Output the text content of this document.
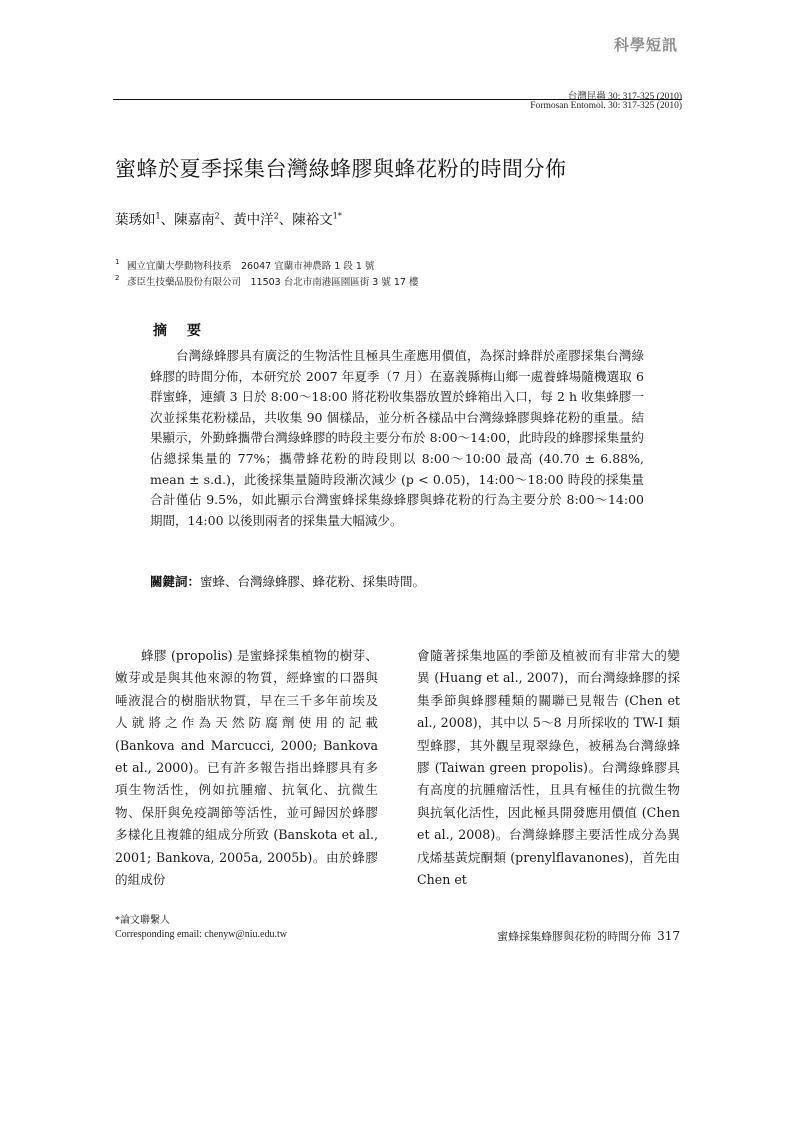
科學短訊
台灣昆蟲 30: 317-325 (2010)
Formosan Entomol. 30: 317-325 (2010)
蜜蜂於夏季採集台灣綠蜂膠與蜂花粉的時間分佈
葉琇如$^1$、陳嘉南$^2$、黃中洋$^2$、陳裕文$^{1*}$
1 國立宜蘭大學動物科技系　26047 宜蘭市神農路 1 段 1 號
2 彥臣生技藥品股份有限公司　11503 台北市南港區園區街 3 號 17 樓
摘要

台灣綠蜂膠具有廣泛的生物活性且極具生產應用價值，為探討蜂群於產膠採集台灣綠蜂膠的時間分佈，本研究於 2007 年夏季（7 月）在嘉義縣梅山鄉一處養蜂場隨機選取 6 群蜜蜂，連續 3 日於 8:00～18:00 將花粉收集器放置於蜂箱出入口，每 2 h 收集蜂膠一次並採集花粉樣品，共收集 90 個樣品，並分析各樣品中台灣綠蜂膠與蜂花粉的重量。結果顯示，外勤蜂攜帶台灣綠蜂膠的時段主要分布於 8:00～14:00，此時段的蜂膠採集量約佔總採集量的 77%；攜帶蜂花粉的時段則以 8:00～10:00 最高 (40.70 ± 6.88%, mean ± s.d.)，此後採集量隨時段漸次減少 (p < 0.05)，14:00～18:00 時段的採集量合計僅佔 9.5%，如此顯示台灣蜜蜂採集綠蜂膠與蜂花粉的行為主要分於 8:00～14:00 期間，14:00 以後則兩者的採集量大幅減少。

關鍵詞：蜜蜂、台灣綠蜂膠、蜂花粉、採集時間。

蜂膠 (propolis) 是蜜蜂採集植物的樹芽、嫩芽或是與其他來源的物質，經蜂蜜的口器與唾液混合的樹脂狀物質，早在三千多年前埃及人就將之作為天然防腐劑使用的記載 (Bankova and Marcucci, 2000; Bankova et al., 2000)。已有許多報告指出蜂膠具有多項生物活性，例如抗腫瘤、抗氧化、抗微生物、保肝與免疫調節等活性，並可歸因於蜂膠多樣化且複雜的組成分所致 (Banskota et al., 2001; Bankova, 2005a, 2005b)。由於蜂膠的組成份

會隨著採集地區的季節及植被而有非常大的變異 (Huang et al., 2007)，而台灣綠蜂膠的採集季節與蜂膠種類的關聯已見報告 (Chen et al., 2008)，其中以 5～8 月所採收的 TW-I 類型蜂膠，其外觀呈現翠綠色，被稱為台灣綠蜂膠 (Taiwan green propolis)。台灣綠蜂膠具有高度的抗腫瘤活性，且具有極佳的抗微生物與抗氧化活性，因此極具開發應用價值 (Chen et al., 2008)。台灣綠蜂膠主要活性成分為異戊烯基黃烷酮類 (prenylflavanones)，首先由 Chen et

*論文聯繫人
Corresponding email: chenyw@niu.edu.tw	蜜蜂採集蜂膠與花粉的時間分佈 317
